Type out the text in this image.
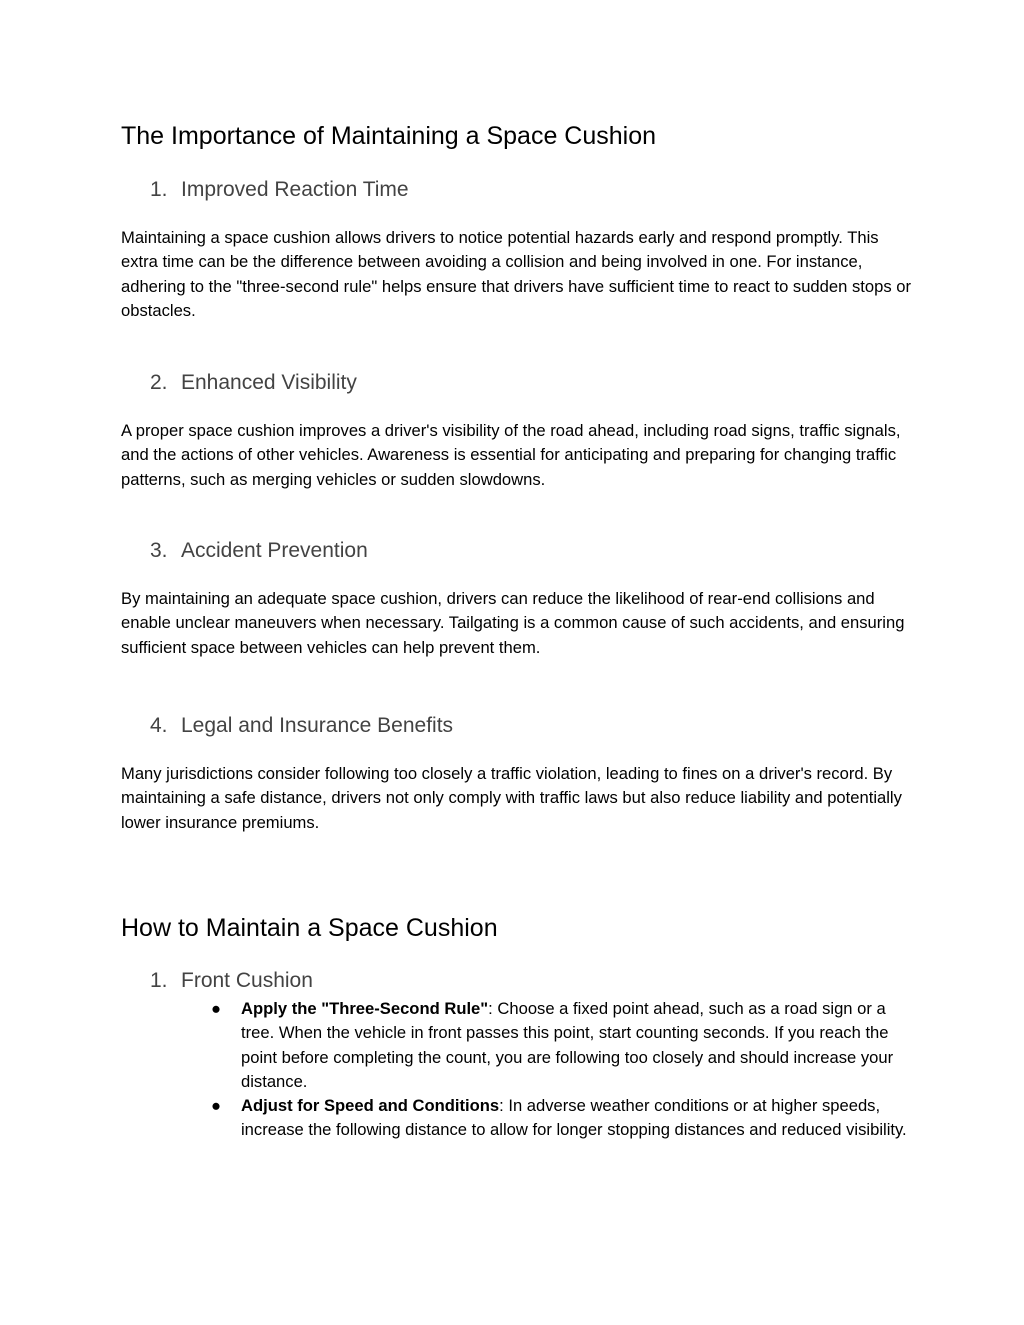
The Importance of Maintaining a Space Cushion
1. Improved Reaction Time

Maintaining a space cushion allows drivers to notice potential hazards early and respond promptly. This extra time can be the difference between avoiding a collision and being involved in one. For instance, adhering to the "three-second rule" helps ensure that drivers have sufficient time to react to sudden stops or obstacles.

2. Enhanced Visibility

A proper space cushion improves a driver's visibility of the road ahead, including road signs, traffic signals, and the actions of other vehicles. Awareness is essential for anticipating and preparing for changing traffic patterns, such as merging vehicles or sudden slowdowns.

3. Accident Prevention

By maintaining an adequate space cushion, drivers can reduce the likelihood of rear-end collisions and enable unclear maneuvers when necessary. Tailgating is a common cause of such accidents, and ensuring sufficient space between vehicles can help prevent them.

4. Legal and Insurance Benefits

Many jurisdictions consider following too closely a traffic violation, leading to fines on a driver's record. By maintaining a safe distance, drivers not only comply with traffic laws but also reduce liability and potentially lower insurance premiums.

How to Maintain a Space Cushion
1. Front Cushion
● Apply the "Three-Second Rule": Choose a fixed point ahead, such as a road sign or a tree. When the vehicle in front passes this point, start counting seconds. If you reach the point before completing the count, you are following too closely and should increase your distance.
● Adjust for Speed and Conditions: In adverse weather conditions or at higher speeds, increase the following distance to allow for longer stopping distances and reduced visibility.
